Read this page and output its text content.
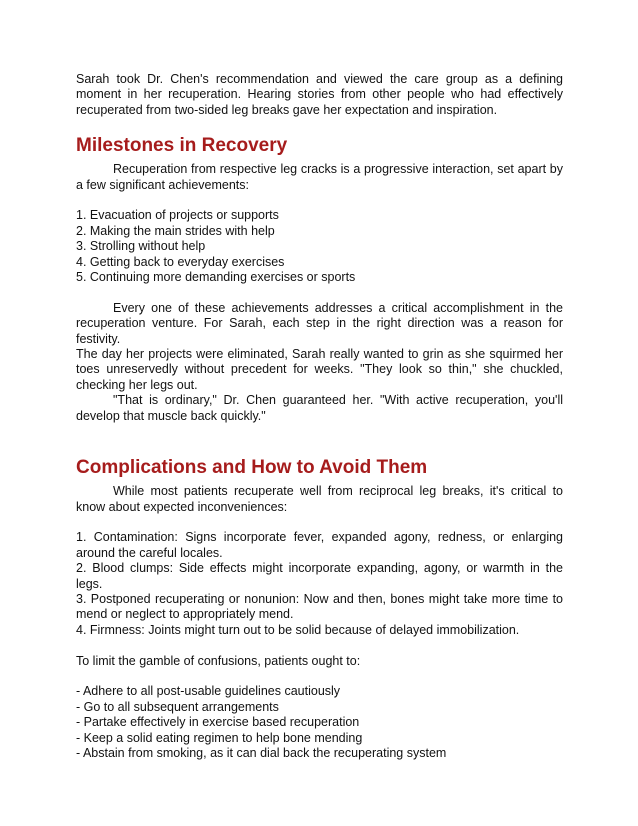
Sarah took Dr. Chen's recommendation and viewed the care group as a defining moment in her recuperation. Hearing stories from other people who had effectively recuperated from two-sided leg breaks gave her expectation and inspiration.

Milestones in Recovery

Recuperation from respective leg cracks is a progressive interaction, set apart by a few significant achievements:

1. Evacuation of projects or supports
2. Making the main strides with help
3. Strolling without help
4. Getting back to everyday exercises
5. Continuing more demanding exercises or sports

Every one of these achievements addresses a critical accomplishment in the recuperation venture. For Sarah, each step in the right direction was a reason for festivity.

The day her projects were eliminated, Sarah really wanted to grin as she squirmed her toes unreservedly without precedent for weeks. "They look so thin," she chuckled, checking her legs out.

"That is ordinary," Dr. Chen guaranteed her. "With active recuperation, you'll develop that muscle back quickly."

Complications and How to Avoid Them

While most patients recuperate well from reciprocal leg breaks, it's critical to know about expected inconveniences:

1. Contamination: Signs incorporate fever, expanded agony, redness, or enlarging around the careful locales.
2. Blood clumps: Side effects might incorporate expanding, agony, or warmth in the legs.
3. Postponed recuperating or nonunion: Now and then, bones might take more time to mend or neglect to appropriately mend.
4. Firmness: Joints might turn out to be solid because of delayed immobilization.

To limit the gamble of confusions, patients ought to:

- Adhere to all post-usable guidelines cautiously
- Go to all subsequent arrangements
- Partake effectively in exercise based recuperation
- Keep a solid eating regimen to help bone mending
- Abstain from smoking, as it can dial back the recuperating system
